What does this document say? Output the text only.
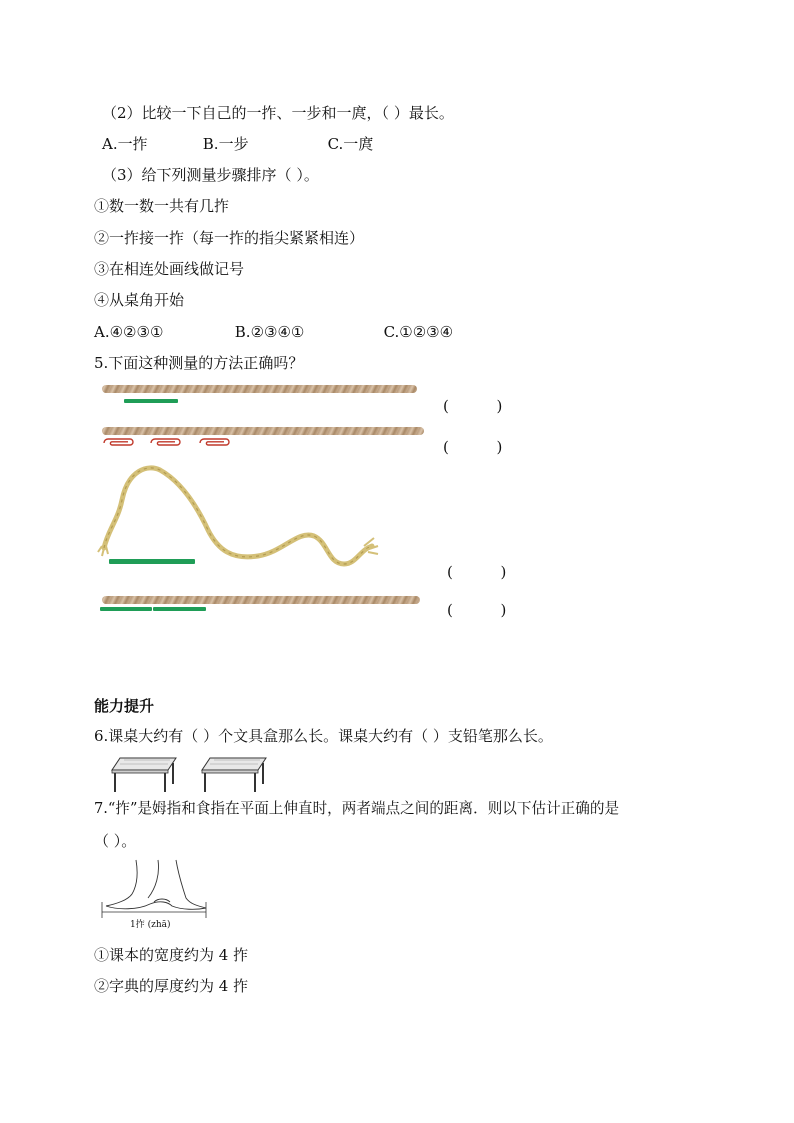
（2）比较一下自己的一拃、一步和一庹，（ ）最长。
A.一拃	B.一步	C.一庹
（3）给下列测量步骤排序（ ）。
①数一数一共有几拃
②一拃接一拃（每一拃的指尖紧紧相连）
③在相连处画线做记号
④从桌角开始
A.④②③①	B.②③④①	C.①②③④
5.下面这种测量的方法正确吗？
(          )
(          )
(          )
(          )
能力提升
6.课桌大约有（ ）个文具盒那么长。课桌大约有（ ）支铅笔那么长。
7.“拃”是姆指和食指在平面上伸直时，两者端点之间的距离．则以下估计正确的是
（ ）。
1拃 (zhā)
①课本的宽度约为 4 拃
②字典的厚度约为 4 拃
